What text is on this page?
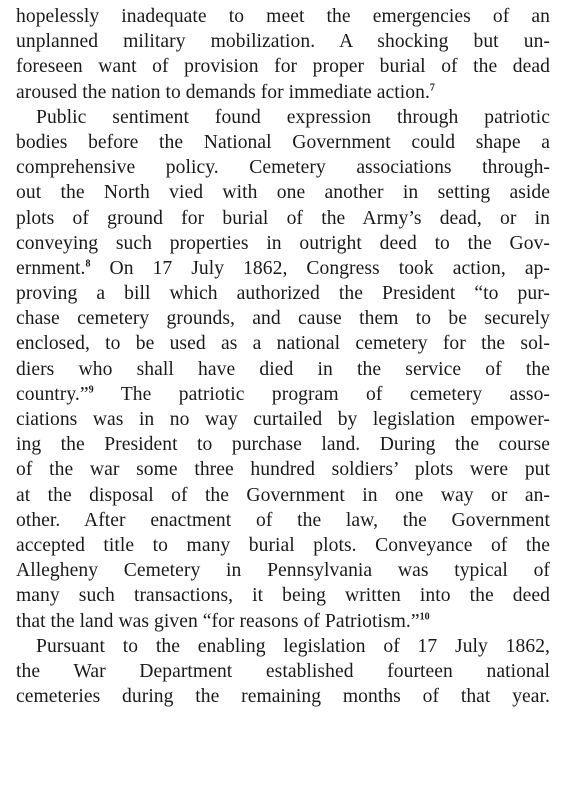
hopelessly inadequate to meet the emergencies of an
unplanned military mobilization. A shocking but un-
foreseen want of provision for proper burial of the dead
aroused the nation to demands for immediate action.$^7$
Public sentiment found expression through patriotic
bodies before the National Government could shape a
comprehensive policy. Cemetery associations through-
out the North vied with one another in setting aside
plots of ground for burial of the Army’s dead, or in
conveying such properties in outright deed to the Gov-
ernment.$^8$ On 17 July 1862, Congress took action, ap-
proving a bill which authorized the President “to pur-
chase cemetery grounds, and cause them to be securely
enclosed, to be used as a national cemetery for the sol-
diers who shall have died in the service of the
country.”$^9$ The patriotic program of cemetery asso-
ciations was in no way curtailed by legislation empower-
ing the President to purchase land. During the course
of the war some three hundred soldiers’ plots were put
at the disposal of the Government in one way or an-
other. After enactment of the law, the Government
accepted title to many burial plots. Conveyance of the
Allegheny Cemetery in Pennsylvania was typical of
many such transactions, it being written into the deed
that the land was given “for reasons of Patriotism.”$^{10}$
Pursuant to the enabling legislation of 17 July 1862,
the War Department established fourteen national
cemeteries during the remaining months of that year.
